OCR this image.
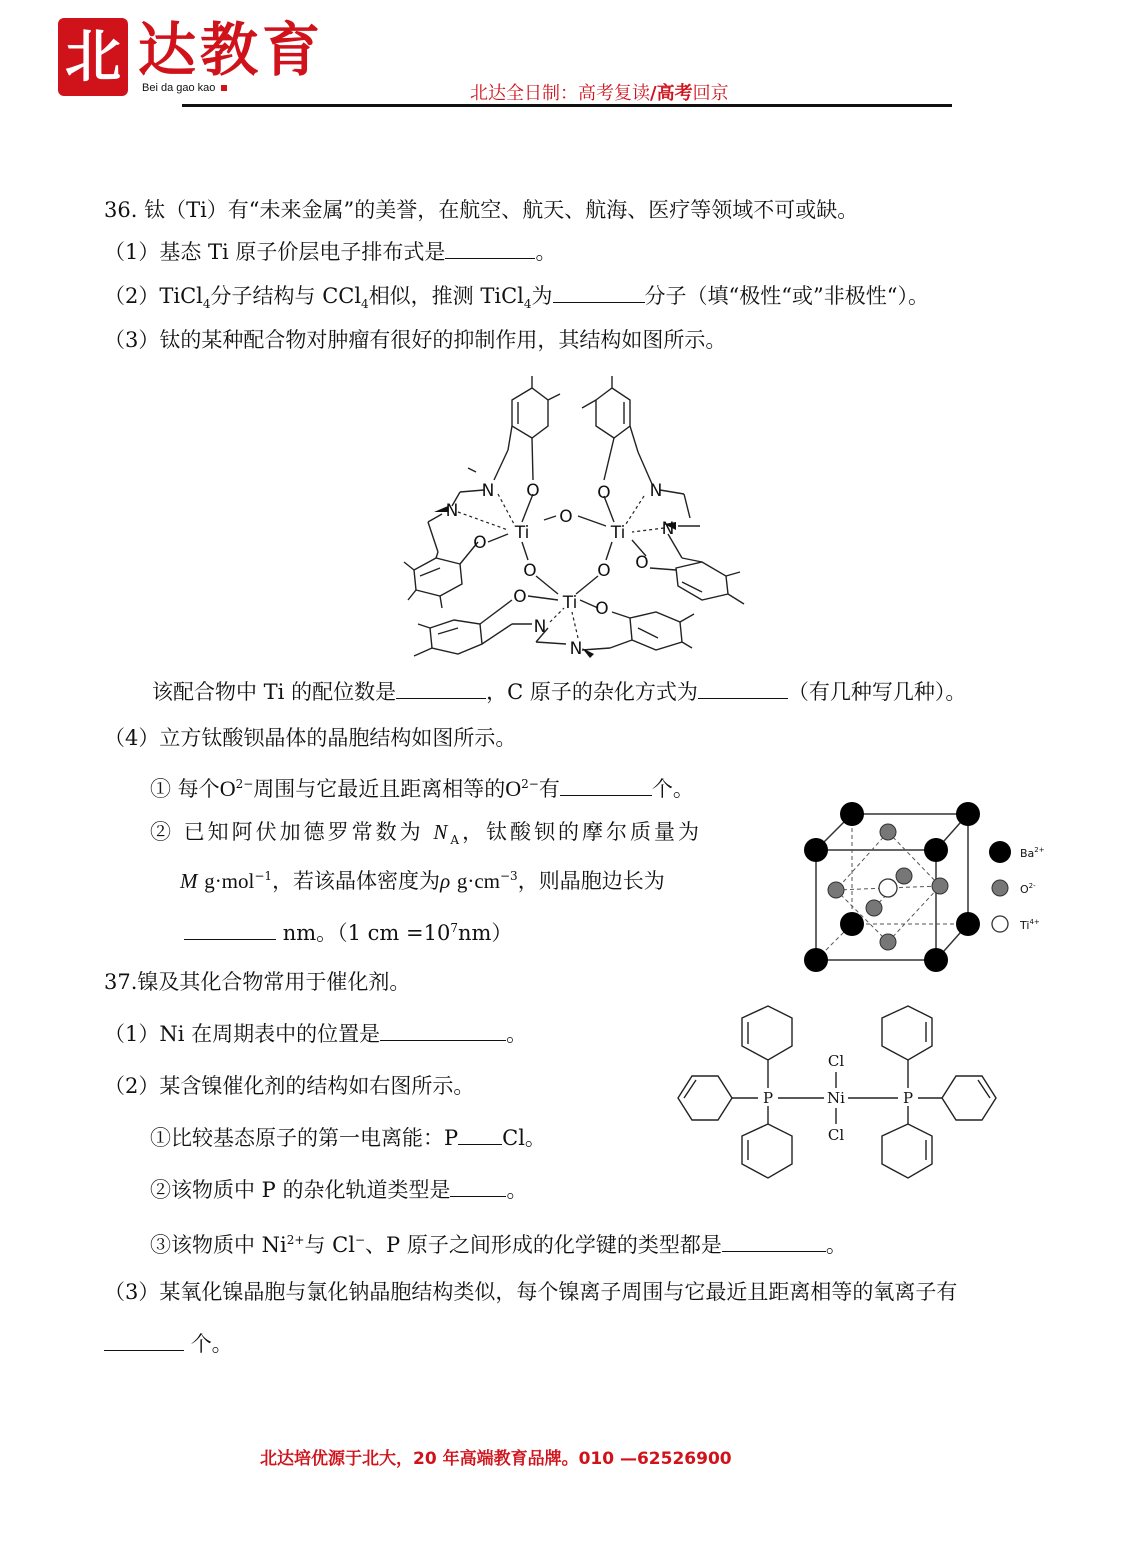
北 达教育
Bei da gao kao	北达全日制：高考复读/高考回京
36. 钛（Ti）有“未来金属”的美誉，在航空、航天、航海、医疗等领域不可或缺。
（1）基态 Ti 原子价层电子排布式是	。
（2）TiCl$_4$分子结构与 CCl$_4$相似，推测 TiCl$_4$为	分子（填“极性“或”非极性“）。
（3）钛的某种配合物对肿瘤有很好的抑制作用，其结构如图所示。
O	O
N	N
N
N
Ti
O
Ti
O
O
O	O
O Ti O
N
N
该配合物中 Ti 的配位数是	，C 原子的杂化方式为	（有几种写几种）。
（4）立方钛酸钡晶体的晶胞结构如图所示。
① 每个$O^{2-}$周围与它最近且距离相等的$O^{2-}$有	个。
② 已知阿伏加德罗常数为 $N_A$，钛酸钡的摩尔质量为
M g·mol$^{-1}$，若该晶体密度为ρ $g\cdot cm^{-3}$，则晶胞边长为
nm。（1 cm $=10^7nm$）
$Ba^{2+}$
$O^{2-}$
$Ti^{4+}$
37.镍及其化合物常用于催化剂。
（1）Ni 在周期表中的位置是	。
（2）某含镍催化剂的结构如右图所示。
①比较基态原子的第一电离能：P Cl。
②该物质中 P 的杂化轨道类型是	。
③该物质中 $Ni^{2+}$与 Cl−、P 原子之间形成的化学键的类型都是	。
（3）某氧化镍晶胞与氯化钠晶胞结构类似，每个镍离子周围与它最近且距离相等的氧离子有
个。
P	P
Ni
Cl
Cl
北达培优源于北大，20 年高端教育品牌。010 —62526900
